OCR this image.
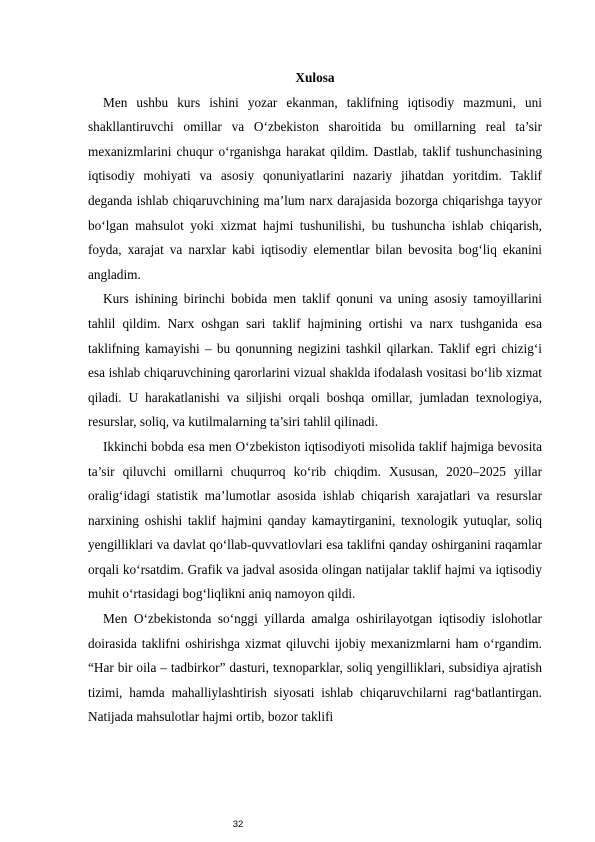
Xulosa

Men ushbu kurs ishini yozar ekanman, taklifning iqtisodiy mazmuni, uni shakllantiruvchi omillar va O‘zbekiston sharoitida bu omillarning real ta’sir mexanizmlarini chuqur o‘rganishga harakat qildim. Dastlab, taklif tushunchasining iqtisodiy mohiyati va asosiy qonuniyatlarini nazariy jihatdan yoritdim. Taklif deganda ishlab chiqaruvchining ma’lum narx darajasida bozorga chiqarishga tayyor bo‘lgan mahsulot yoki xizmat hajmi tushunilishi, bu tushuncha ishlab chiqarish, foyda, xarajat va narxlar kabi iqtisodiy elementlar bilan bevosita bog‘liq ekanini angladim.

Kurs ishining birinchi bobida men taklif qonuni va uning asosiy tamoyillarini tahlil qildim. Narx oshgan sari taklif hajmining ortishi va narx tushganida esa taklifning kamayishi – bu qonunning negizini tashkil qilarkan. Taklif egri chizig‘i esa ishlab chiqaruvchining qarorlarini vizual shaklda ifodalash vositasi bo‘lib xizmat qiladi. U harakatlanishi va siljishi orqali boshqa omillar, jumladan texnologiya, resurslar, soliq, va kutilmalarning ta’siri tahlil qilinadi.

Ikkinchi bobda esa men O‘zbekiston iqtisodiyoti misolida taklif hajmiga bevosita ta’sir qiluvchi omillarni chuqurroq ko‘rib chiqdim. Xususan, 2020–2025 yillar oralig‘idagi statistik ma’lumotlar asosida ishlab chiqarish xarajatlari va resurslar narxining oshishi taklif hajmini qanday kamaytirganini, texnologik yutuqlar, soliq yengilliklari va davlat qo‘llab-quvvatlovlari esa taklifni qanday oshirganini raqamlar orqali ko‘rsatdim. Grafik va jadval asosida olingan natijalar taklif hajmi va iqtisodiy muhit o‘rtasidagi bog‘liqlikni aniq namoyon qildi.

Men O‘zbekistonda so‘nggi yillarda amalga oshirilayotgan iqtisodiy islohotlar doirasida taklifni oshirishga xizmat qiluvchi ijobiy mexanizmlarni ham o‘rgandim. “Har bir oila – tadbirkor” dasturi, texnoparklar, soliq yengilliklari, subsidiya ajratish tizimi, hamda mahalliylashtirish siyosati ishlab chiqaruvchilarni rag‘batlantirgan. Natijada mahsulotlar hajmi ortib, bozor taklifi

32
